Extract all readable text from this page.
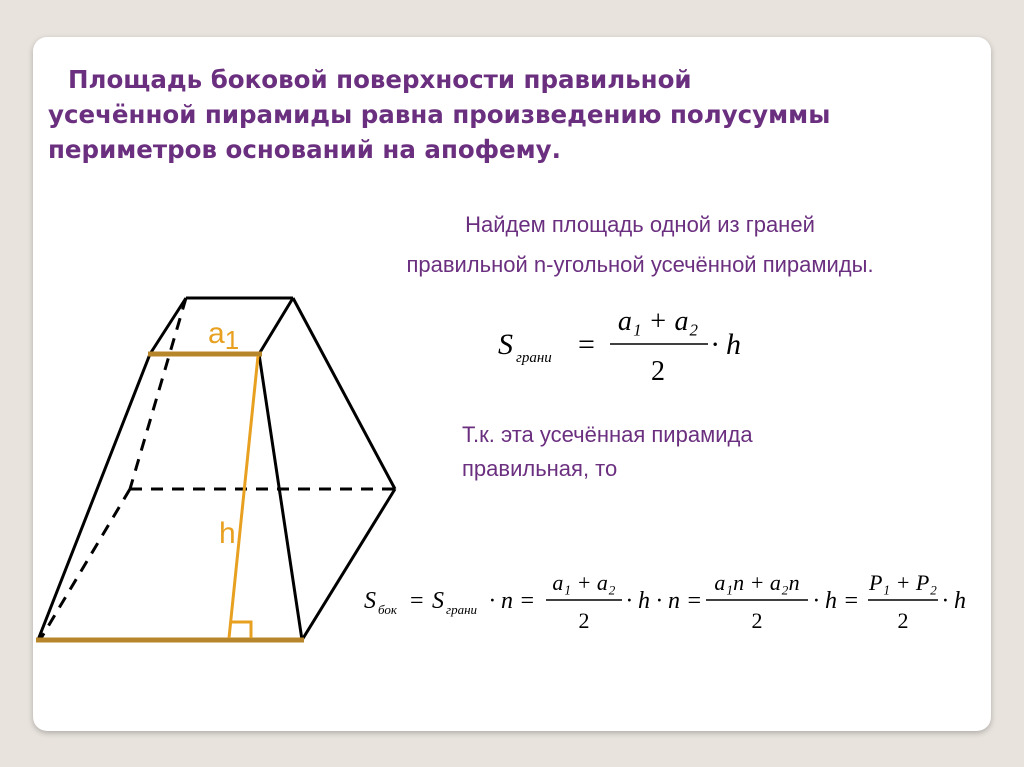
Площадь боковой поверхности правильной
усечённой пирамиды равна произведению полусуммы
периметров оснований на апофему.
Найдем площадь одной из граней
правильной n-угольной усечённой пирамиды.
Т.к. эта усечённая пирамида
правильная, то
a1
h
S грани =
a₁ + a₂
2
· h
S бок = S грани · n =
a₁ + a₂
2
· h · n =
a₁n + a₂n
2
· h =
P₁ + P₂
2
· h
